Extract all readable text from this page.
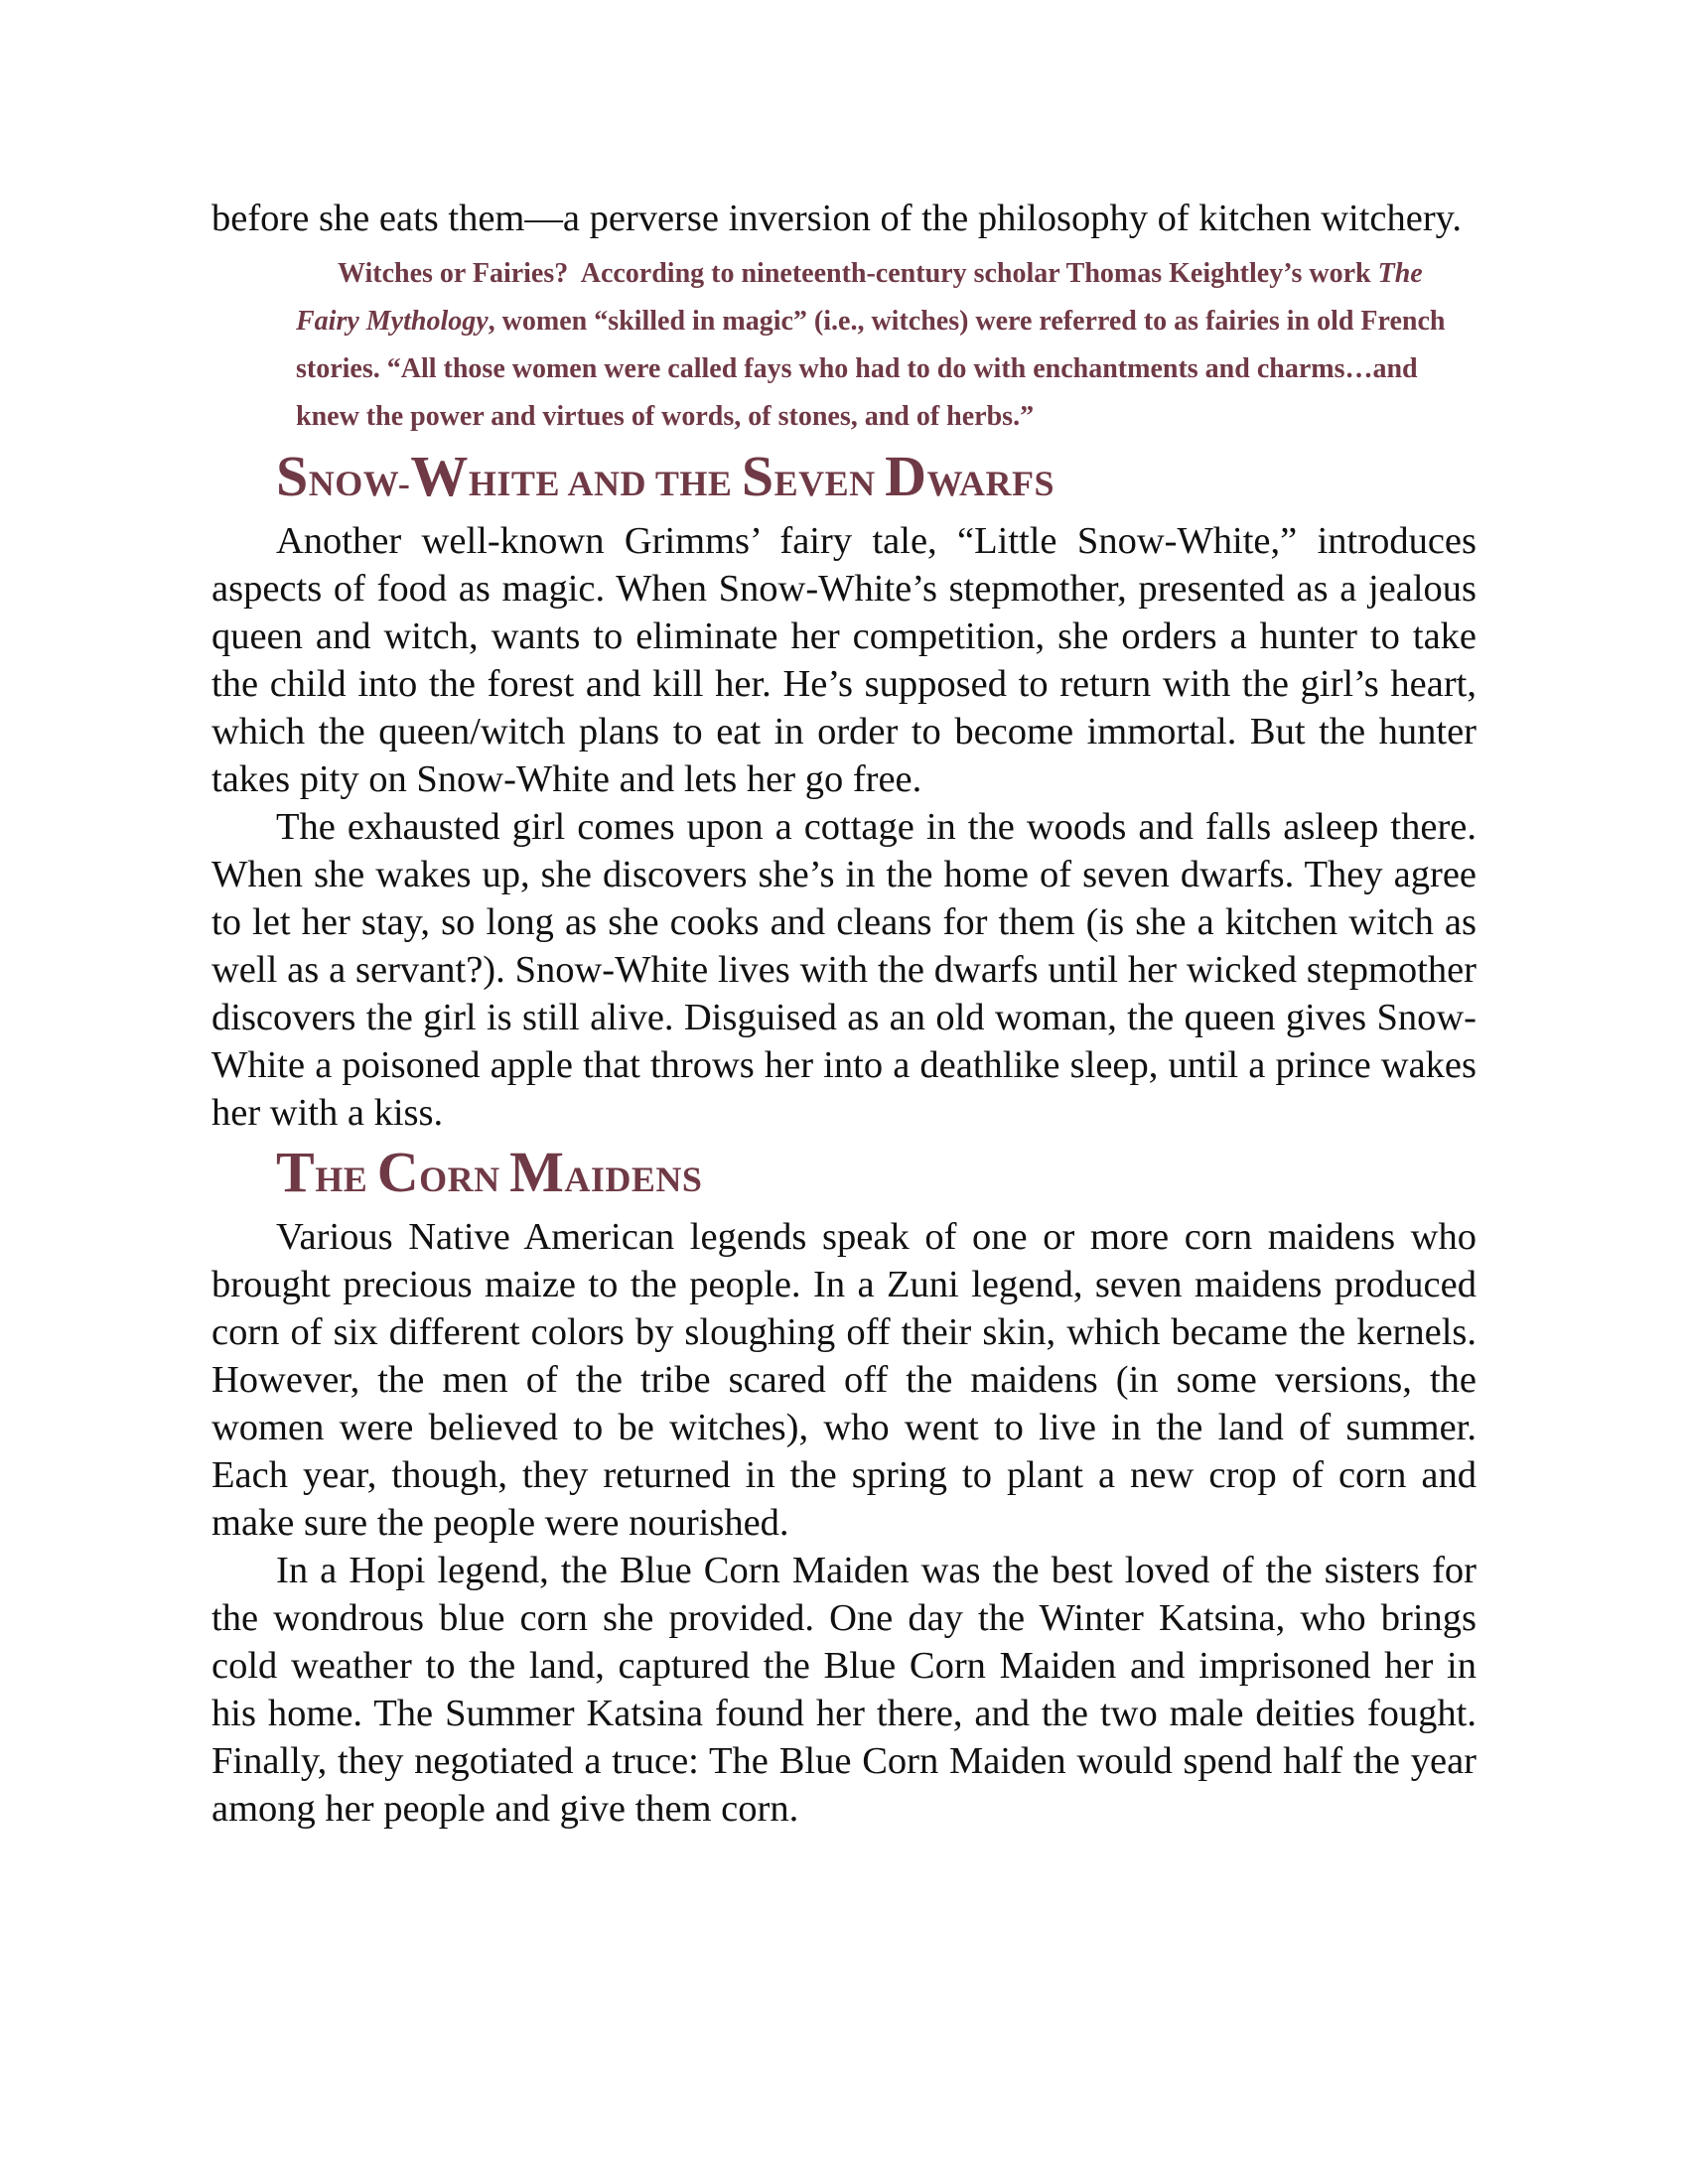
before she eats them—a perverse inversion of the philosophy of kitchen witchery.

Witches or Fairies? According to nineteenth-century scholar Thomas Keightley’s work The Fairy Mythology, women “skilled in magic” (i.e., witches) were referred to as fairies in old French stories. “All those women were called fays who had to do with enchantments and charms…and knew the power and virtues of words, of stones, and of herbs.”
SNOW-WHITE AND THE SEVEN DWARFS

Another well-known Grimms’ fairy tale, “Little Snow-White,” introduces aspects of food as magic. When Snow-White’s stepmother, presented as a jealous queen and witch, wants to eliminate her competition, she orders a hunter to take the child into the forest and kill her. He’s supposed to return with the girl’s heart, which the queen/witch plans to eat in order to become immortal. But the hunter takes pity on Snow-White and lets her go free.

The exhausted girl comes upon a cottage in the woods and falls asleep there. When she wakes up, she discovers she’s in the home of seven dwarfs. They agree to let her stay, so long as she cooks and cleans for them (is she a kitchen witch as well as a servant?). Snow-White lives with the dwarfs until her wicked stepmother discovers the girl is still alive. Disguised as an old woman, the queen gives Snow-White a poisoned apple that throws her into a deathlike sleep, until a prince wakes her with a kiss.

THE CORN MAIDENS

Various Native American legends speak of one or more corn maidens who brought precious maize to the people. In a Zuni legend, seven maidens produced corn of six different colors by sloughing off their skin, which became the kernels. However, the men of the tribe scared off the maidens (in some versions, the women were believed to be witches), who went to live in the land of summer. Each year, though, they returned in the spring to plant a new crop of corn and make sure the people were nourished.

In a Hopi legend, the Blue Corn Maiden was the best loved of the sisters for the wondrous blue corn she provided. One day the Winter Katsina, who brings cold weather to the land, captured the Blue Corn Maiden and imprisoned her in his home. The Summer Katsina found her there, and the two male deities fought. Finally, they negotiated a truce: The Blue Corn Maiden would spend half the year among her people and give them corn.
